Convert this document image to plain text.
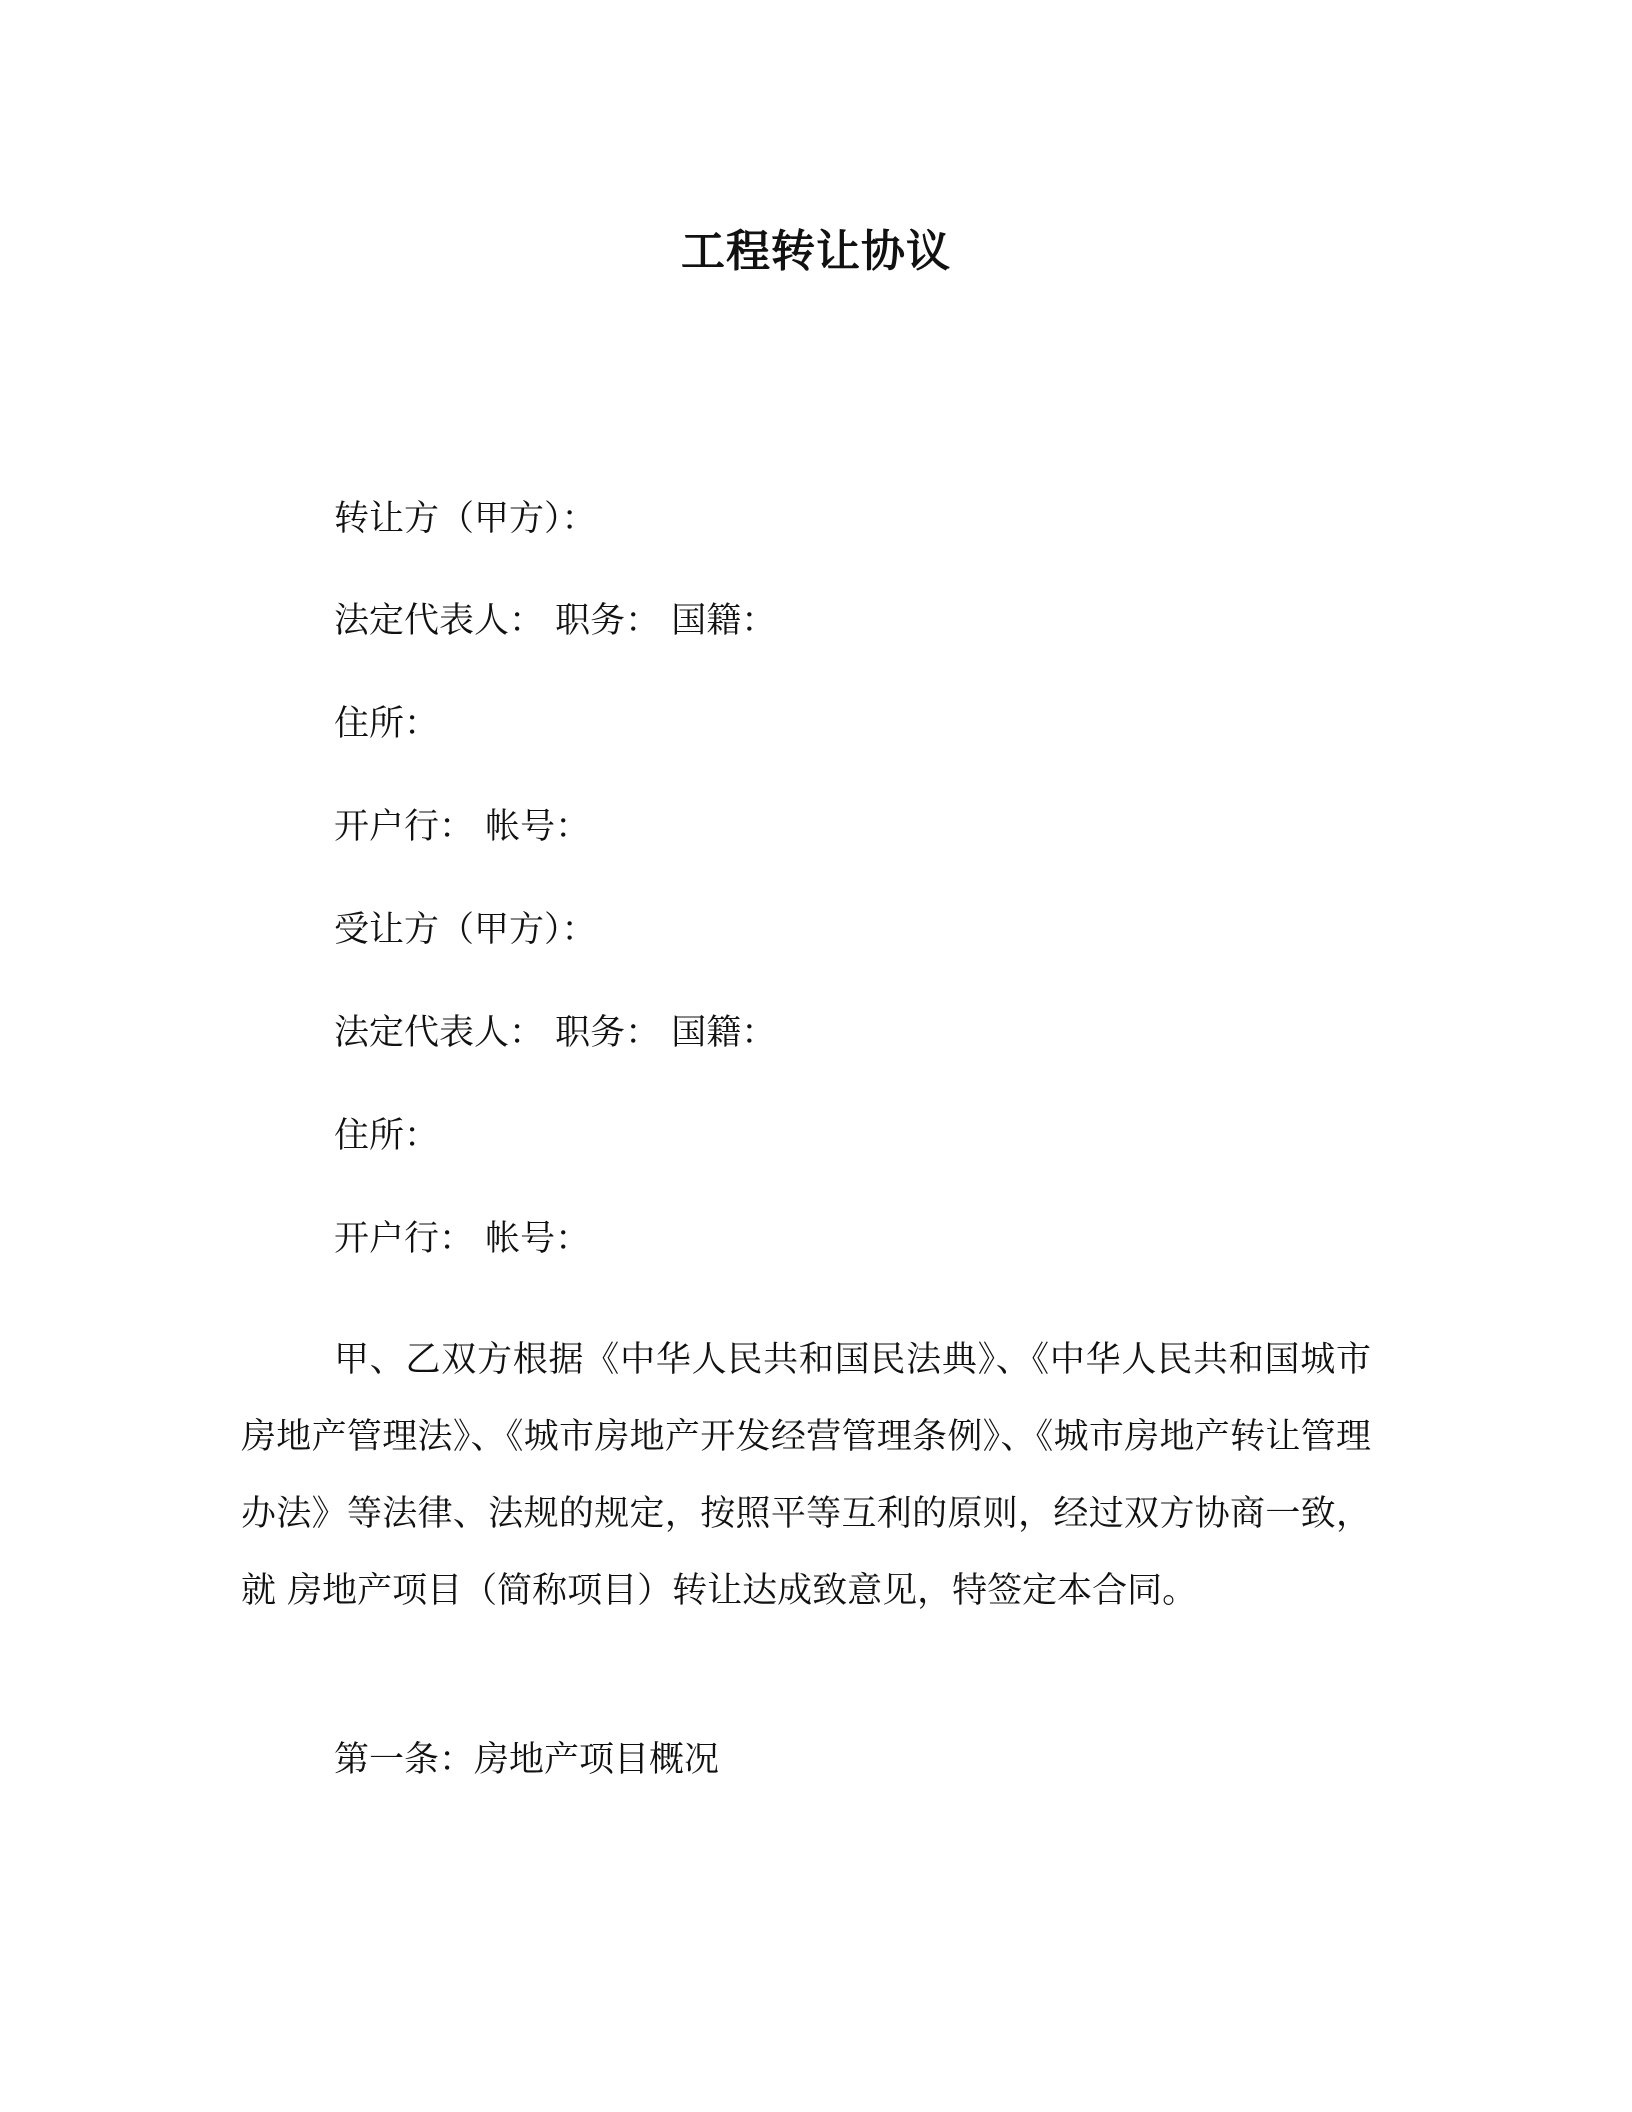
工程转让协议
转让方（甲方）：
法定代表人： 职务： 国籍：
住所：
开户行： 帐号：
受让方（甲方）：
法定代表人： 职务： 国籍：
住所：
开户行： 帐号：
甲、乙双方根据《中华人民共和国民法典》、《中华人民共和国城市房地产管理法》、《城市房地产开发经营管理条例》、《城市房地产转让管理办法》等法律、法规的规定，按照平等互利的原则，经过双方协商一致，就 房地产项目（简称项目）转让达成致意见，特签定本合同。
第一条：房地产项目概况
